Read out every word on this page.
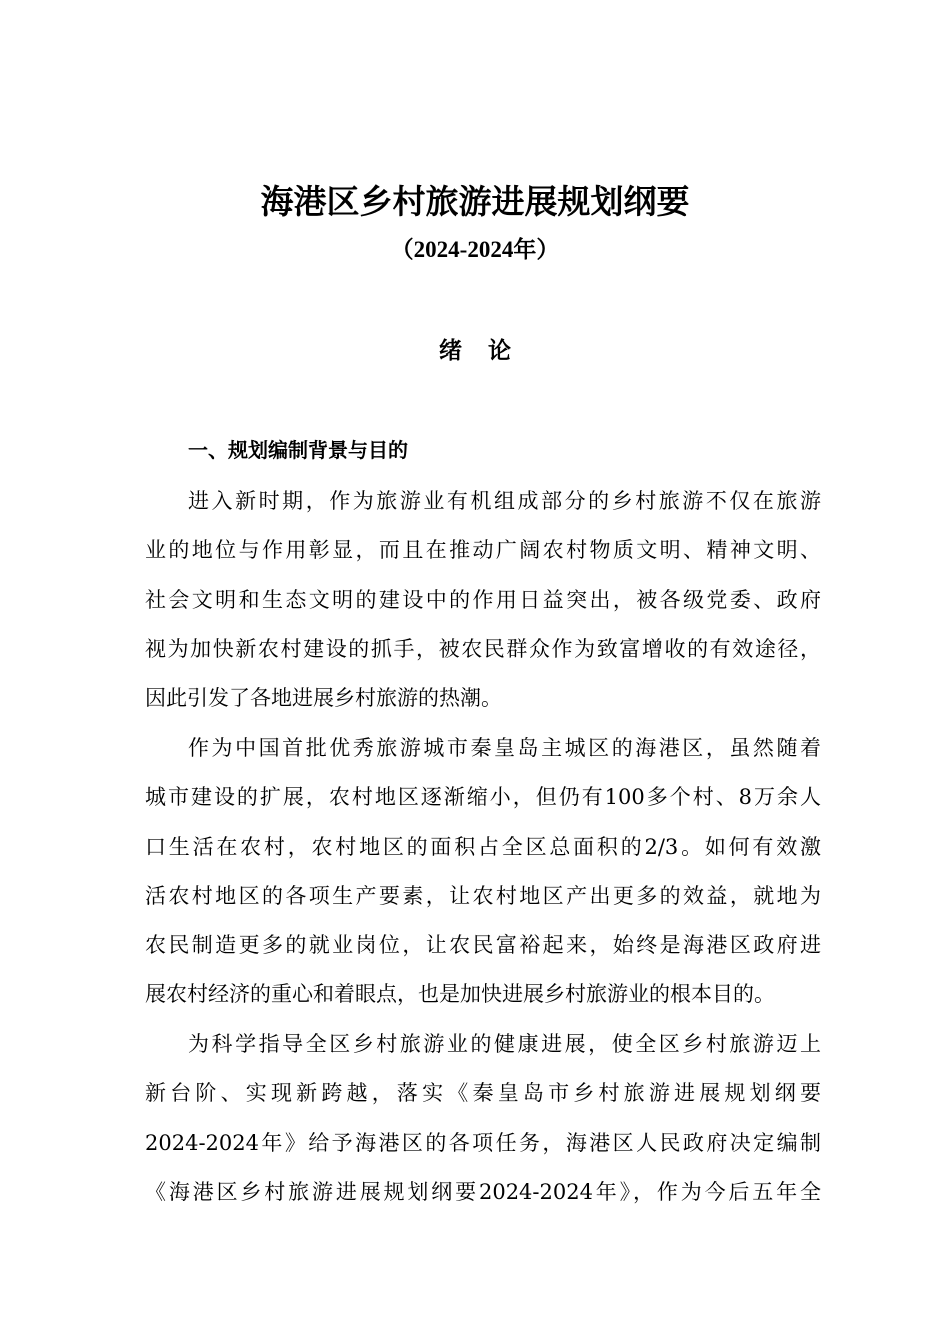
海港区乡村旅游进展规划纲要
（2024-2024年）
绪论
一、规划编制背景与目的
进入新时期，作为旅游业有机组成部分的乡村旅游不仅在旅游
业的地位与作用彰显，而且在推动广阔农村物质文明、精神文明、
社会文明和生态文明的建设中的作用日益突出，被各级党委、政府
视为加快新农村建设的抓手，被农民群众作为致富增收的有效途径，
因此引发了各地进展乡村旅游的热潮。
作为中国首批优秀旅游城市秦皇岛主城区的海港区，虽然随着
城市建设的扩展，农村地区逐渐缩小，但仍有100多个村、8万余人
口生活在农村，农村地区的面积占全区总面积的2/3。如何有效激
活农村地区的各项生产要素，让农村地区产出更多的效益，就地为
农民制造更多的就业岗位，让农民富裕起来，始终是海港区政府进
展农村经济的重心和着眼点，也是加快进展乡村旅游业的根本目的。
为科学指导全区乡村旅游业的健康进展，使全区乡村旅游迈上
新台阶、实现新跨越，落实《秦皇岛市乡村旅游进展规划纲要
2024-2024年》给予海港区的各项任务，海港区人民政府决定编制
《海港区乡村旅游进展规划纲要2024-2024年》，作为今后五年全
